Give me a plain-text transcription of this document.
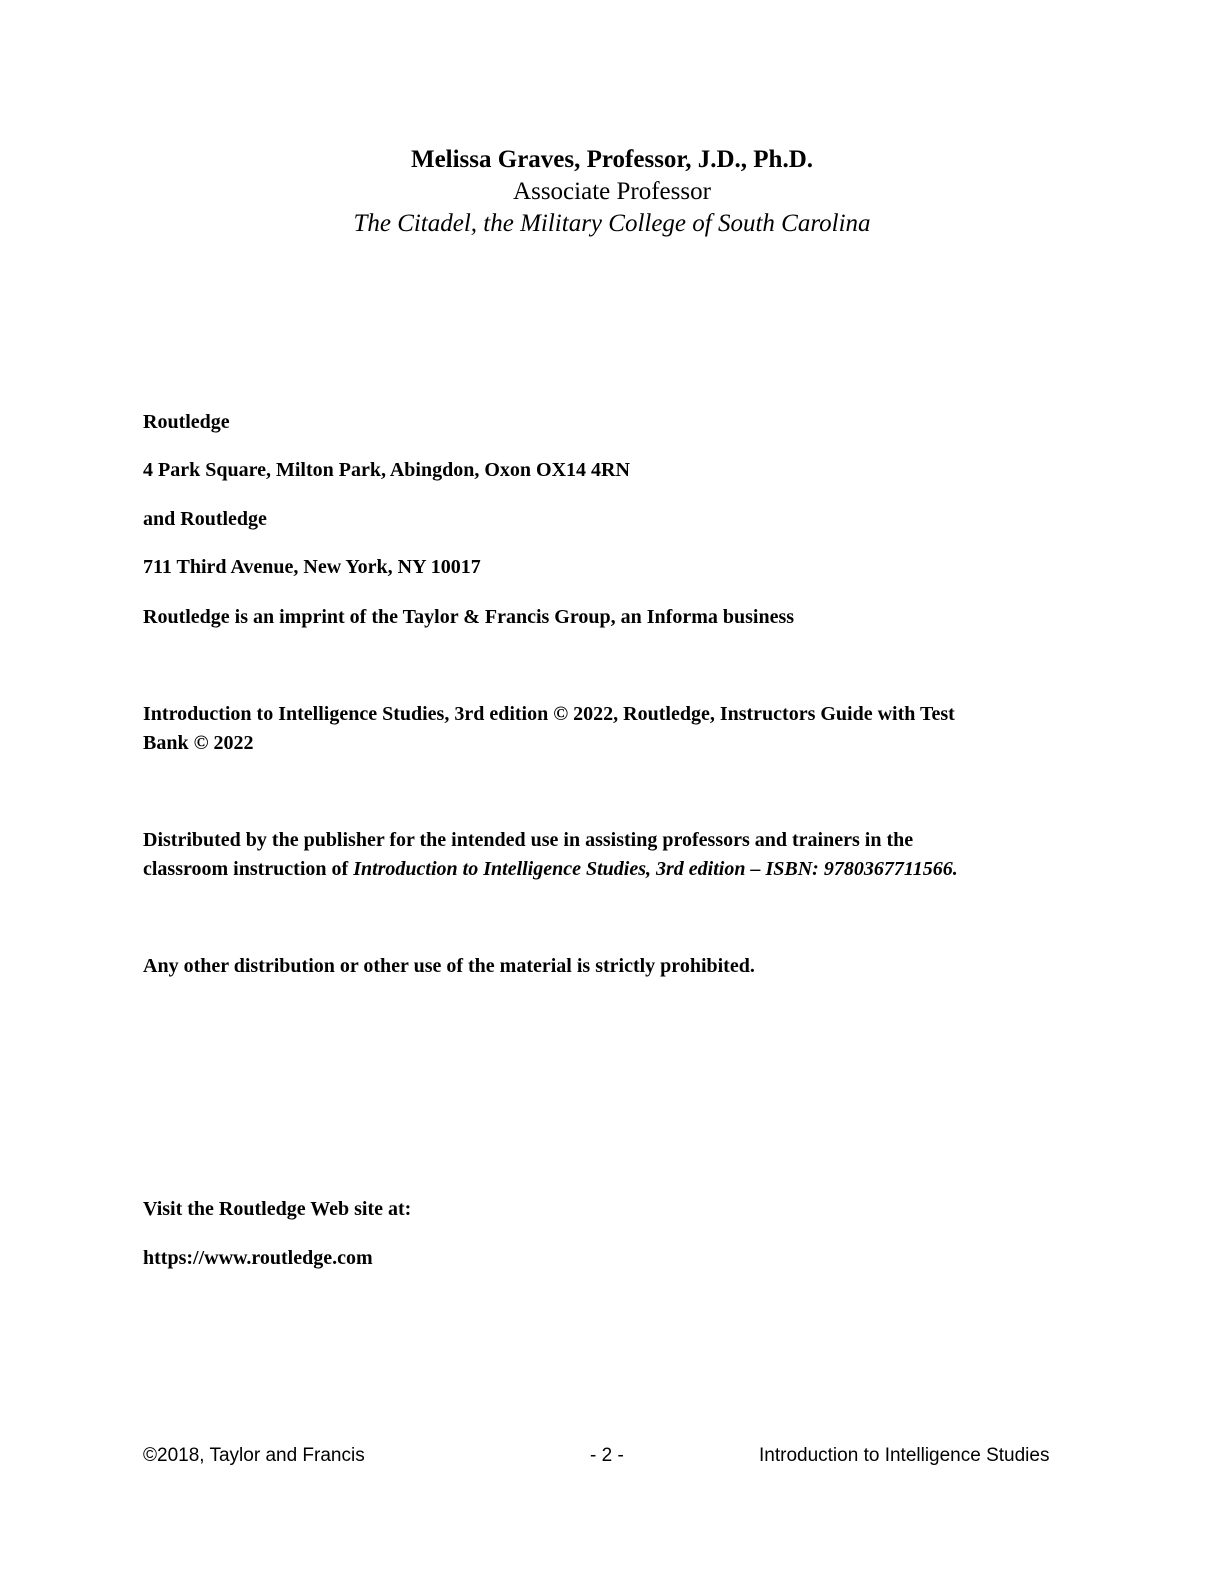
Melissa Graves, Professor, J.D., Ph.D.
Associate Professor
The Citadel, the Military College of South Carolina
Routledge
4 Park Square, Milton Park, Abingdon, Oxon OX14 4RN
and Routledge
711 Third Avenue, New York, NY 10017
Routledge is an imprint of the Taylor & Francis Group, an Informa business
Introduction to Intelligence Studies, 3rd edition © 2022, Routledge, Instructors Guide with Test
Bank © 2022
Distributed by the publisher for the intended use in assisting professors and trainers in the
classroom instruction of Introduction to Intelligence Studies, 3rd edition – ISBN: 9780367711566.
Any other distribution or other use of the material is strictly prohibited.
Visit the Routledge Web site at:
https://www.routledge.com
©2018, Taylor and Francis	- 2 -	Introduction to Intelligence Studies
